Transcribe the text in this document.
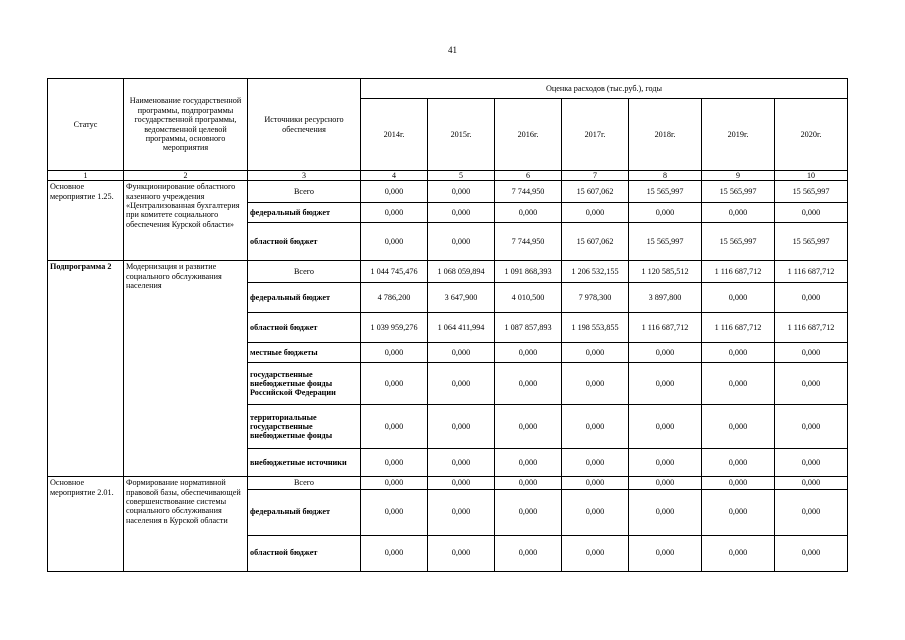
41
Статус	Наименование государственной программы, подпрограммы государственной программы, ведомственной целевой программы, основного мероприятия	Источники ресурсного обеспечения	Оценка расходов (тыс.руб.), годы						
			2014г.	2015г.	2016г.	2017г.	2018г.	2019г.	2020г.
1	2	3	4	5	6	7	8	9	10
Основное мероприятие 1.25.	Функционирование областного казенного учреждения «Централизованная бухгалтерия при комитете социального обеспечения Курской области»	Всего	0,000	0,000	7 744,950	15 607,062	15 565,997	15 565,997	15 565,997
		федеральный бюджет	0,000	0,000	0,000	0,000	0,000	0,000	0,000
		областной бюджет	0,000	0,000	7 744,950	15 607,062	15 565,997	15 565,997	15 565,997
Подпрограмма 2	Модернизация и развитие социального обслуживания населения	Всего	1 044 745,476	1 068 059,894	1 091 868,393	1 206 532,155	1 120 585,512	1 116 687,712	1 116 687,712
		федеральный бюджет	4 786,200	3 647,900	4 010,500	7 978,300	3 897,800	0,000	0,000
		областной бюджет	1 039 959,276	1 064 411,994	1 087 857,893	1 198 553,855	1 116 687,712	1 116 687,712	1 116 687,712
		местные бюджеты	0,000	0,000	0,000	0,000	0,000	0,000	0,000
		государственные внебюджетные фонды Российской Федерации	0,000	0,000	0,000	0,000	0,000	0,000	0,000
		территориальные государственные внебюджетные фонды	0,000	0,000	0,000	0,000	0,000	0,000	0,000
		внебюджетные источники	0,000	0,000	0,000	0,000	0,000	0,000	0,000
Основное мероприятие 2.01.	Формирование нормативной правовой базы, обеспечивающей совершенствование системы социального обслуживания населения в Курской области	Всего	0,000	0,000	0,000	0,000	0,000	0,000	0,000
		федеральный бюджет	0,000	0,000	0,000	0,000	0,000	0,000	0,000
		областной бюджет	0,000	0,000	0,000	0,000	0,000	0,000	0,000
